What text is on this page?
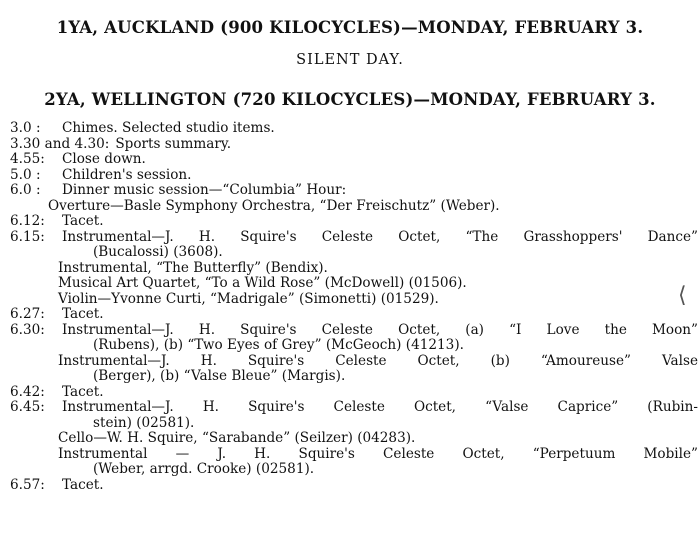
1YA, AUCKLAND (900 KILOCYCLES)—MONDAY, FEBRUARY 3.
SILENT DAY.
2YA, WELLINGTON (720 KILOCYCLES)—MONDAY, FEBRUARY 3.
3.0 :	Chimes. Selected studio items.
3.30 and 4.30: Sports summary.
4.55:	Close down.
5.0 :	Children's session.
6.0 :	Dinner music session—“Columbia” Hour:
Overture—Basle Symphony Orchestra, “Der Freischutz” (Weber).
6.12:	Tacet.
6.15:	Instrumental—J. H. Squire's Celeste Octet, “The Grasshoppers' Dance”
(Bucalossi) (3608).
Instrumental, “The Butterfly” (Bendix).
Musical Art Quartet, “To a Wild Rose” (McDowell) (01506).
Violin—Yvonne Curti, “Madrigale” (Simonetti) (01529).
6.27:	Tacet.
6.30:	Instrumental—J. H. Squire's Celeste Octet, (a) “I Love the Moon”
(Rubens), (b) “Two Eyes of Grey” (McGeoch) (41213).
Instrumental—J. H. Squire's Celeste Octet, (b) “Amoureuse” Valse
(Berger), (b) “Valse Bleue” (Margis).
6.42:	Tacet.
6.45:	Instrumental—J. H. Squire's Celeste Octet, “Valse Caprice” (Rubin-
stein) (02581).
Cello—W. H. Squire, “Sarabande” (Seilzer) (04283).
Instrumental — J. H. Squire's Celeste Octet, “Perpetuum Mobile”
(Weber, arrgd. Crooke) (02581).
6.57:	Tacet.
⟨
